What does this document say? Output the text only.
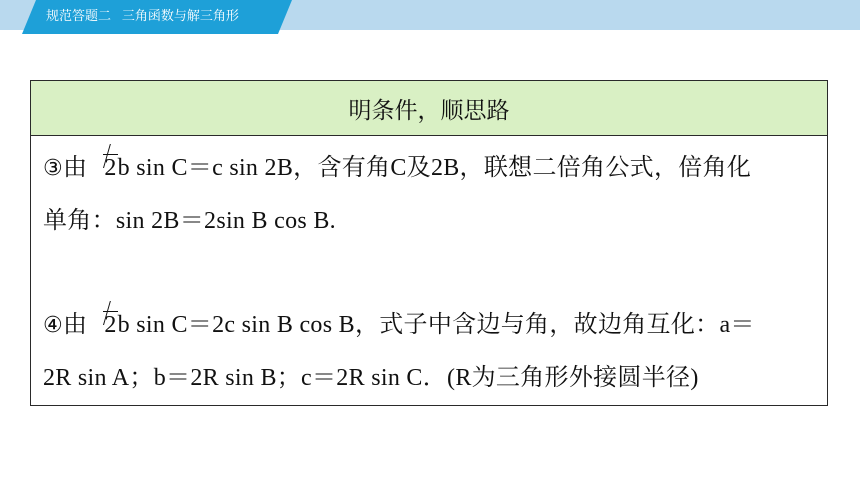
规范答题二   三角函数与解三角形
明条件，顺思路
③由 2b sin C＝c sin 2B，含有角C及2B，联想二倍角公式，倍角化
单角：sin 2B＝2sin B cos B.
④由 2b sin C＝2c sin B cos B，式子中含边与角，故边角互化：a＝
2R sin A；b＝2R sin B；c＝2R sin C．(R为三角形外接圆半径)
